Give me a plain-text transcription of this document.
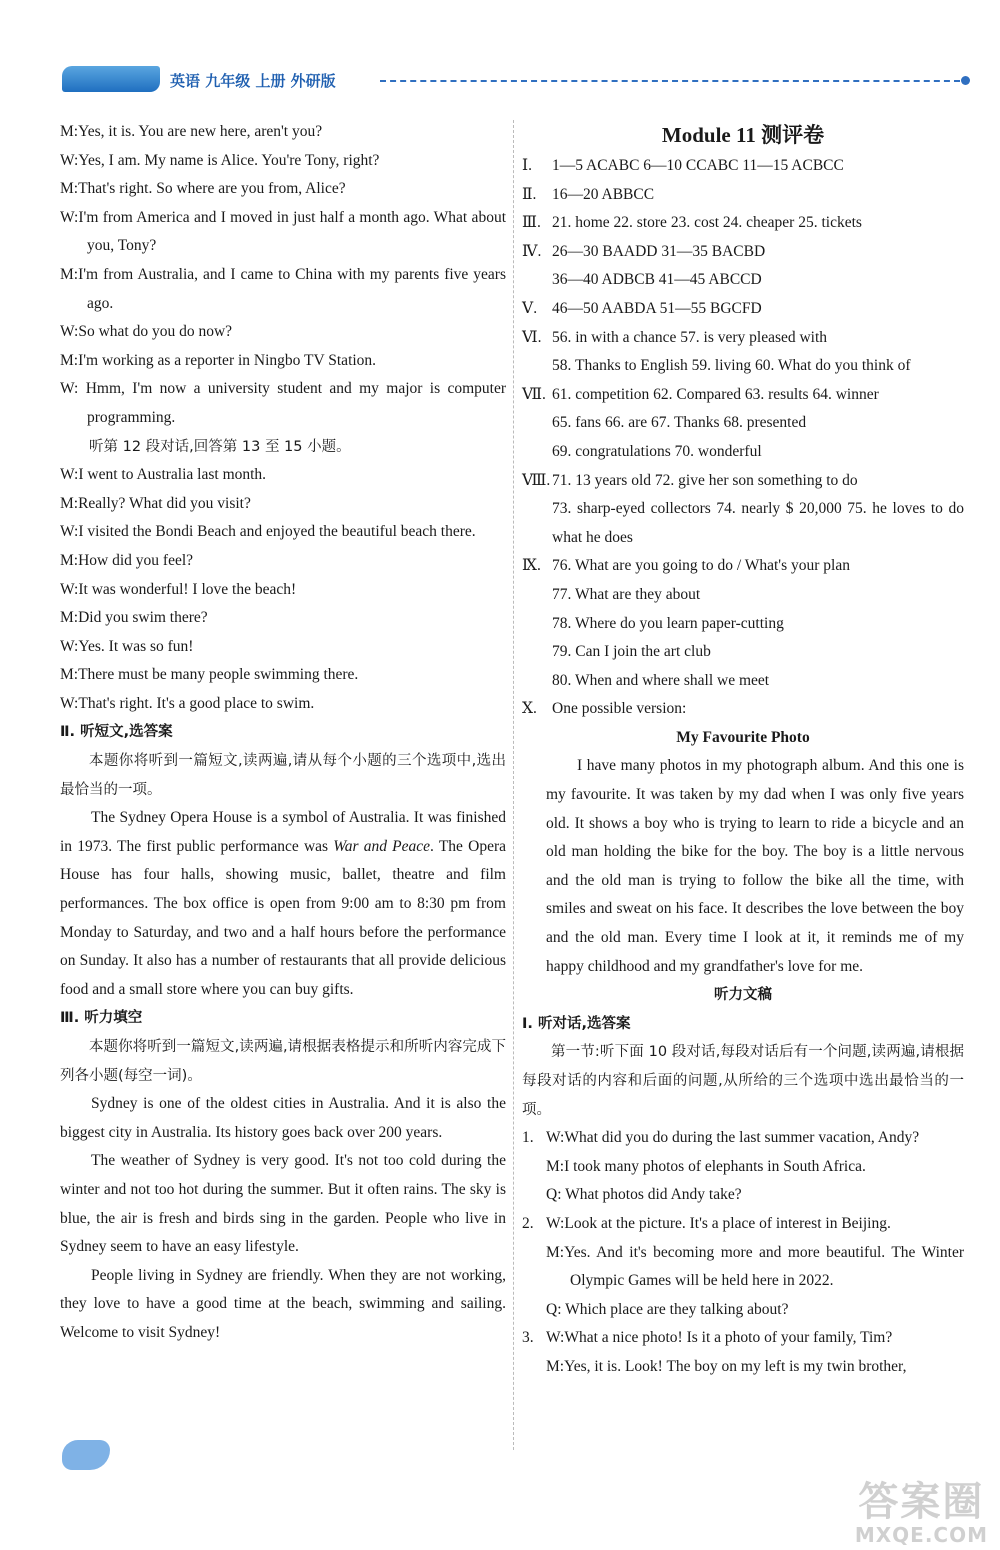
英语 九年级 上册 外研版

M:Yes, it is. You are new here, aren't you?

W:Yes, I am. My name is Alice. You're Tony, right?

M:That's right. So where are you from, Alice?

W:I'm from America and I moved in just half a month ago. What about you, Tony?

M:I'm from Australia, and I came to China with my parents five years ago.

W:So what do you do now?

M:I'm working as a reporter in Ningbo TV Station.

W: Hmm, I'm now a university student and my major is computer programming.

听第 12 段对话,回答第 13 至 15 小题。

W:I went to Australia last month.

M:Really? What did you visit?

W:I visited the Bondi Beach and enjoyed the beautiful beach there.

M:How did you feel?

W:It was wonderful! I love the beach!

M:Did you swim there?

W:Yes. It was so fun!

M:There must be many people swimming there.

W:That's right. It's a good place to swim.

Ⅱ. 听短文,选答案

本题你将听到一篇短文,读两遍,请从每个小题的三个选项中,选出最恰当的一项。

The Sydney Opera House is a symbol of Australia. It was finished in 1973. The first public performance was War and Peace. The Opera House has four halls, showing music, ballet, theatre and film performances. The box office is open from 9:00 am to 8:30 pm from Monday to Saturday, and two and a half hours before the performance on Sunday. It also has a number of restaurants that all provide delicious food and a small store where you can buy gifts.

Ⅲ. 听力填空

本题你将听到一篇短文,读两遍,请根据表格提示和所听内容完成下列各小题(每空一词)。

Sydney is one of the oldest cities in Australia. And it is also the biggest city in Australia. Its history goes back over 200 years.

The weather of Sydney is very good. It's not too cold during the winter and not too hot during the summer. But it often rains. The sky is blue, the air is fresh and birds sing in the garden. People who live in Sydney seem to have an easy lifestyle.

People living in Sydney are friendly. When they are not working, they love to have a good time at the beach, swimming and sailing. Welcome to visit Sydney!

Module 11 测评卷

Ⅰ. 1—5 ACABC 6—10 CCABC 11—15 ACBCC

Ⅱ. 16—20 ABBCC

Ⅲ. 21. home 22. store 23. cost 24. cheaper 25. tickets

Ⅳ. 26—30 BAADD 31—35 BACBD

36—40 ADBCB 41—45 ABCCD

Ⅴ. 46—50 AABDA 51—55 BGCFD

Ⅵ. 56. in with a chance 57. is very pleased with

58. Thanks to English 59. living 60. What do you think of

Ⅶ. 61. competition 62. Compared 63. results 64. winner

65. fans 66. are 67. Thanks 68. presented

69. congratulations 70. wonderful

Ⅷ. 71. 13 years old 72. give her son something to do

73. sharp-eyed collectors 74. nearly $ 20,000 75. he loves to do what he does

Ⅸ. 76. What are you going to do / What's your plan

77. What are they about

78. Where do you learn paper-cutting

79. Can I join the art club

80. When and where shall we meet

Ⅹ. One possible version:

My Favourite Photo

I have many photos in my photograph album. And this one is my favourite. It was taken by my dad when I was only five years old. It shows a boy who is trying to learn to ride a bicycle and an old man holding the bike for the boy. The boy is a little nervous and the old man is trying to follow the bike all the time, with smiles and sweat on his face. It describes the love between the boy and the old man. Every time I look at it, it reminds me of my happy childhood and my grandfather's love for me.

听力文稿

Ⅰ. 听对话,选答案

第一节:听下面 10 段对话,每段对话后有一个问题,读两遍,请根据每段对话的内容和后面的问题,从所给的三个选项中选出最恰当的一项。

1. W:What did you do during the last summer vacation, Andy?

M:I took many photos of elephants in South Africa.

Q: What photos did Andy take?

2. W:Look at the picture. It's a place of interest in Beijing.

M:Yes. And it's becoming more and more beautiful. The Winter Olympic Games will be held here in 2022.

Q: Which place are they talking about?

3. W:What a nice photo! Is it a photo of your family, Tim?

M:Yes, it is. Look! The boy on my left is my twin brother,

答案圈
MXQE.COM
